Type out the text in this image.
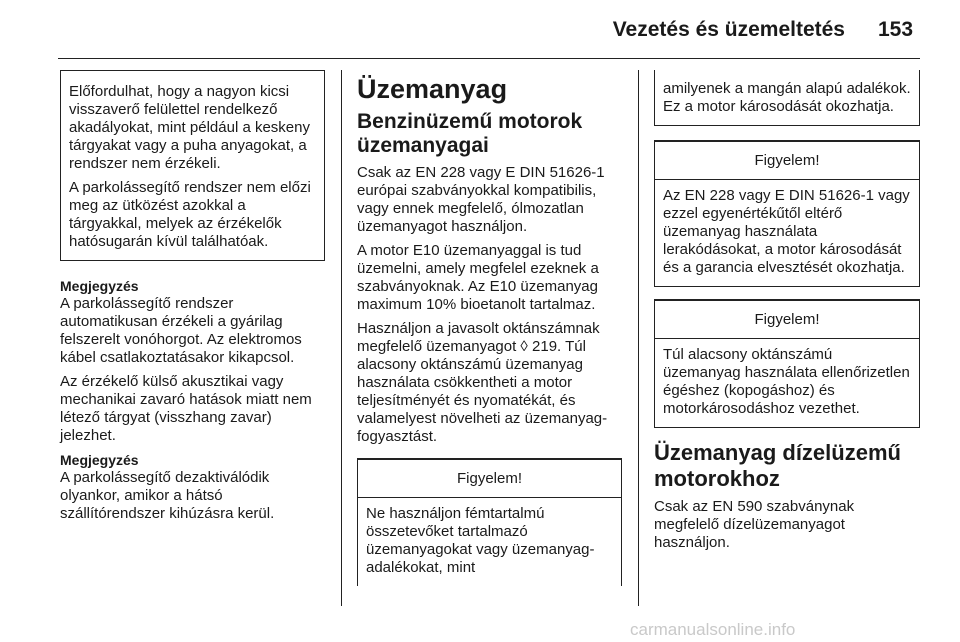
Vezetés és üzemeltetés 153

Előfordulhat, hogy a nagyon kicsi visszaverő felülettel rendelkező akadályokat, mint például a keskeny tárgyakat vagy a puha anyagokat, a rendszer nem érzékeli.

A parkolássegítő rendszer nem előzi meg az ütközést azokkal a tárgyakkal, melyek az érzékelők hatósugarán kívül találhatóak.

Megjegyzés

A parkolássegítő rendszer automatikusan érzékeli a gyárilag felszerelt vonóhorgot. Az elektromos kábel csatlakoztatásakor kikapcsol.

Az érzékelő külső akusztikai vagy mechanikai zavaró hatások miatt nem létező tárgyat (visszhang zavar) jelezhet.

Megjegyzés

A parkolássegítő dezaktiválódik olyankor, amikor a hátsó szállítórendszer kihúzásra kerül.

Üzemanyag
Benzinüzemű motorok üzemanyagai

Csak az EN 228 vagy E DIN 51626-1 európai szabványokkal kompatibilis, vagy ennek megfelelő, ólmozatlan üzemanyagot használjon.

A motor E10 üzemanyaggal is tud üzemelni, amely megfelel ezeknek a szabványoknak. Az E10 üzemanyag maximum 10% bioetanolt tartalmaz.

Használjon a javasolt oktánszámnak megfelelő üzemanyagot ◊ 219. Túl alacsony oktánszámú üzemanyag használata csökkentheti a motor teljesítményét és nyomatékát, és valamelyest növelheti az üzemanyag-fogyasztást.

Figyelem!

Ne használjon fémtartalmú összetevőket tartalmazó üzemanyagokat vagy üzemanyag-adalékokat, mint

amilyenek a mangán alapú adalékok. Ez a motor károsodását okozhatja.

Figyelem!

Az EN 228 vagy E DIN 51626-1 vagy ezzel egyenértékűtől eltérő üzemanyag használata lerakódásokat, a motor károsodását és a garancia elvesztését okozhatja.

Figyelem!

Túl alacsony oktánszámú üzemanyag használata ellenőrizetlen égéshez (kopogáshoz) és motorkárosodáshoz vezethet.

Üzemanyag dízelüzemű motorokhoz

Csak az EN 590 szabványnak megfelelő dízelüzemanyagot használjon.

carmanualsonline.info
